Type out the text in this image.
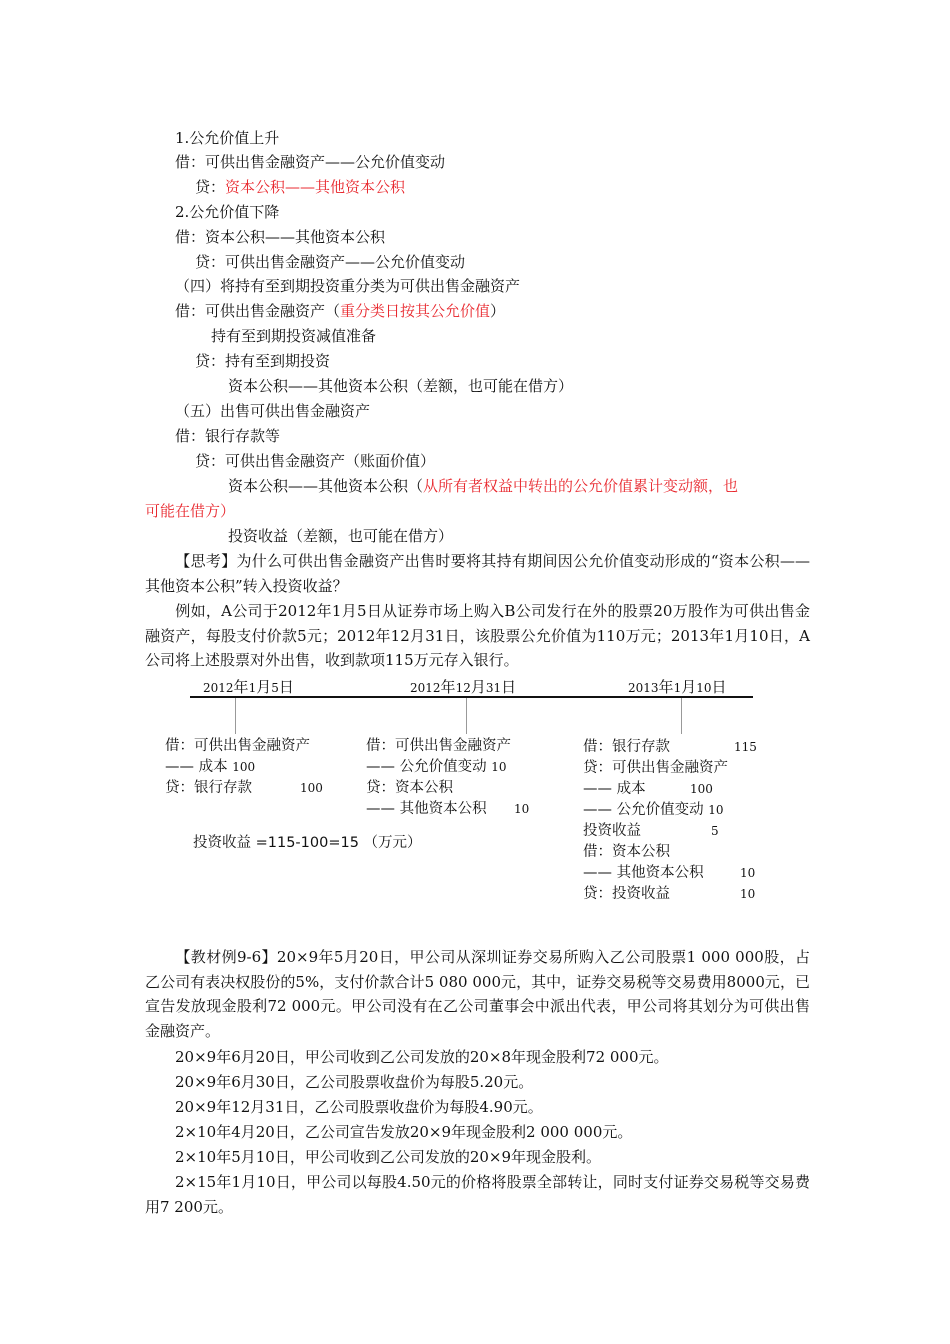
1.公允价值上升
借：可供出售金融资产——公允价值变动
贷：资本公积——其他资本公积
2.公允价值下降
借：资本公积——其他资本公积
贷：可供出售金融资产——公允价值变动
（四）将持有至到期投资重分类为可供出售金融资产
借：可供出售金融资产（重分类日按其公允价值）
持有至到期投资减值准备
贷：持有至到期投资
资本公积——其他资本公积（差额，也可能在借方）
（五）出售可供出售金融资产
借：银行存款等
贷：可供出售金融资产（账面价值）
资本公积——其他资本公积（从所有者权益中转出的公允价值累计变动额，也
可能在借方）
投资收益（差额，也可能在借方）
【思考】为什么可供出售金融资产出售时要将其持有期间因公允价值变动形成的“资本公积——其他资本公积”转入投资收益？
例如，A公司于2012年1月5日从证券市场上购入B公司发行在外的股票20万股作为可供出售金融资产，每股支付价款5元；2012年12月31日，该股票公允价值为110万元；2013年1月10日，A公司将上述股票对外出售，收到款项115万元存入银行。
2012年1月5日	2012年12月31日	2013年1月10日
借：可供出售金融资产
—— 成本 100
贷：银行存款	100
投资收益 =115-100=15 （万元）
借：可供出售金融资产
—— 公允价值变动 10
贷：资本公积
—— 其他资本公积 10
借：银行存款	115
贷：可供出售金融资产
—— 成本	100
—— 公允价值变动 10
投资收益	5
借：资本公积
—— 其他资本公积	10
贷：投资收益	10
【教材例9-6】20×9年5月20日，甲公司从深圳证券交易所购入乙公司股票1 000 000股，占乙公司有表决权股份的5%，支付价款合计5 080 000元，其中，证券交易税等交易费用8000元，已宣告发放现金股利72 000元。甲公司没有在乙公司董事会中派出代表，甲公司将其划分为可供出售金融资产。
20×9年6月20日，甲公司收到乙公司发放的20×8年现金股利72 000元。
20×9年6月30日，乙公司股票收盘价为每股5.20元。
20×9年12月31日，乙公司股票收盘价为每股4.90元。
2×10年4月20日，乙公司宣告发放20×9年现金股利2 000 000元。
2×10年5月10日，甲公司收到乙公司发放的20×9年现金股利。
2×15年1月10日，甲公司以每股4.50元的价格将股票全部转让，同时支付证券交易税等交易费用7 200元。
